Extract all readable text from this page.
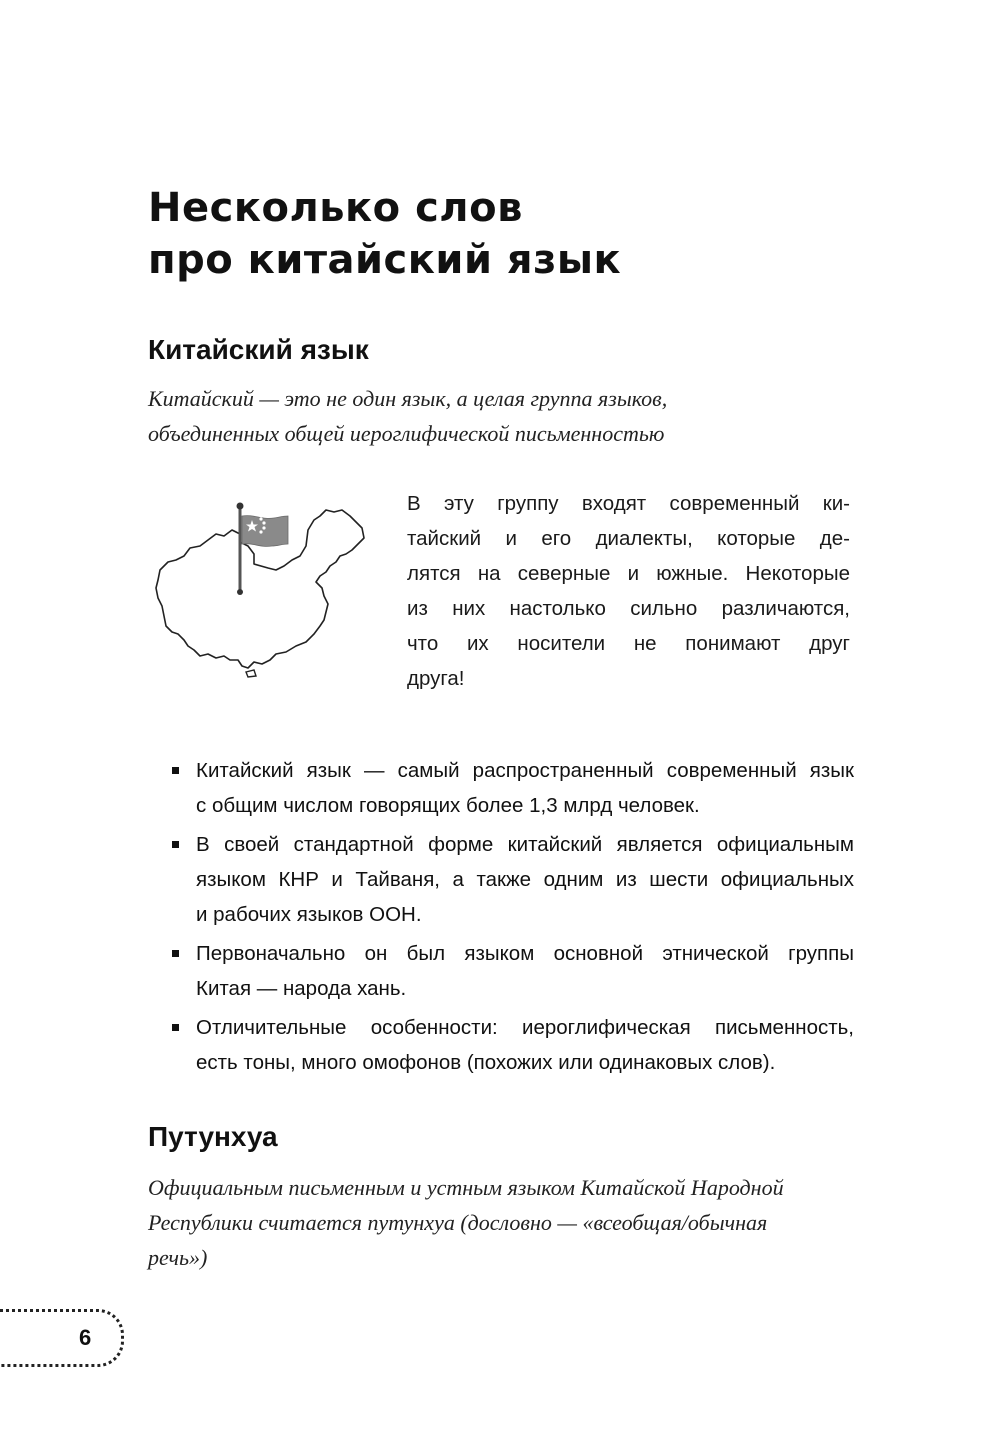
Несколько слов
про китайский язык
Китайский язык
Китайский — это не один язык, а целая группа языков,
объединенных общей иероглифической письменностью
В эту группу входят современный ки-
тайский и его диалекты, которые де-
лятся на северные и южные. Некоторые
из них настолько сильно различаются,
что их носители не понимают друг
друга!
Китайский язык — самый распространенный современный язык
с общим числом говорящих более 1,3 млрд человек.
В своей стандартной форме китайский является официальным
языком КНР и Тайваня, а также одним из шести официальных
и рабочих языков ООН.
Первоначально он был языком основной этнической группы
Китая — народа хань.
Отличительные особенности: иероглифическая письменность,
есть тоны, много омофонов (похожих или одинаковых слов).
Путунхуа
Официальным письменным и устным языком Китайской Народной
Республики считается путунхуа (дословно — «всеобщая/обычная
речь»)
6
